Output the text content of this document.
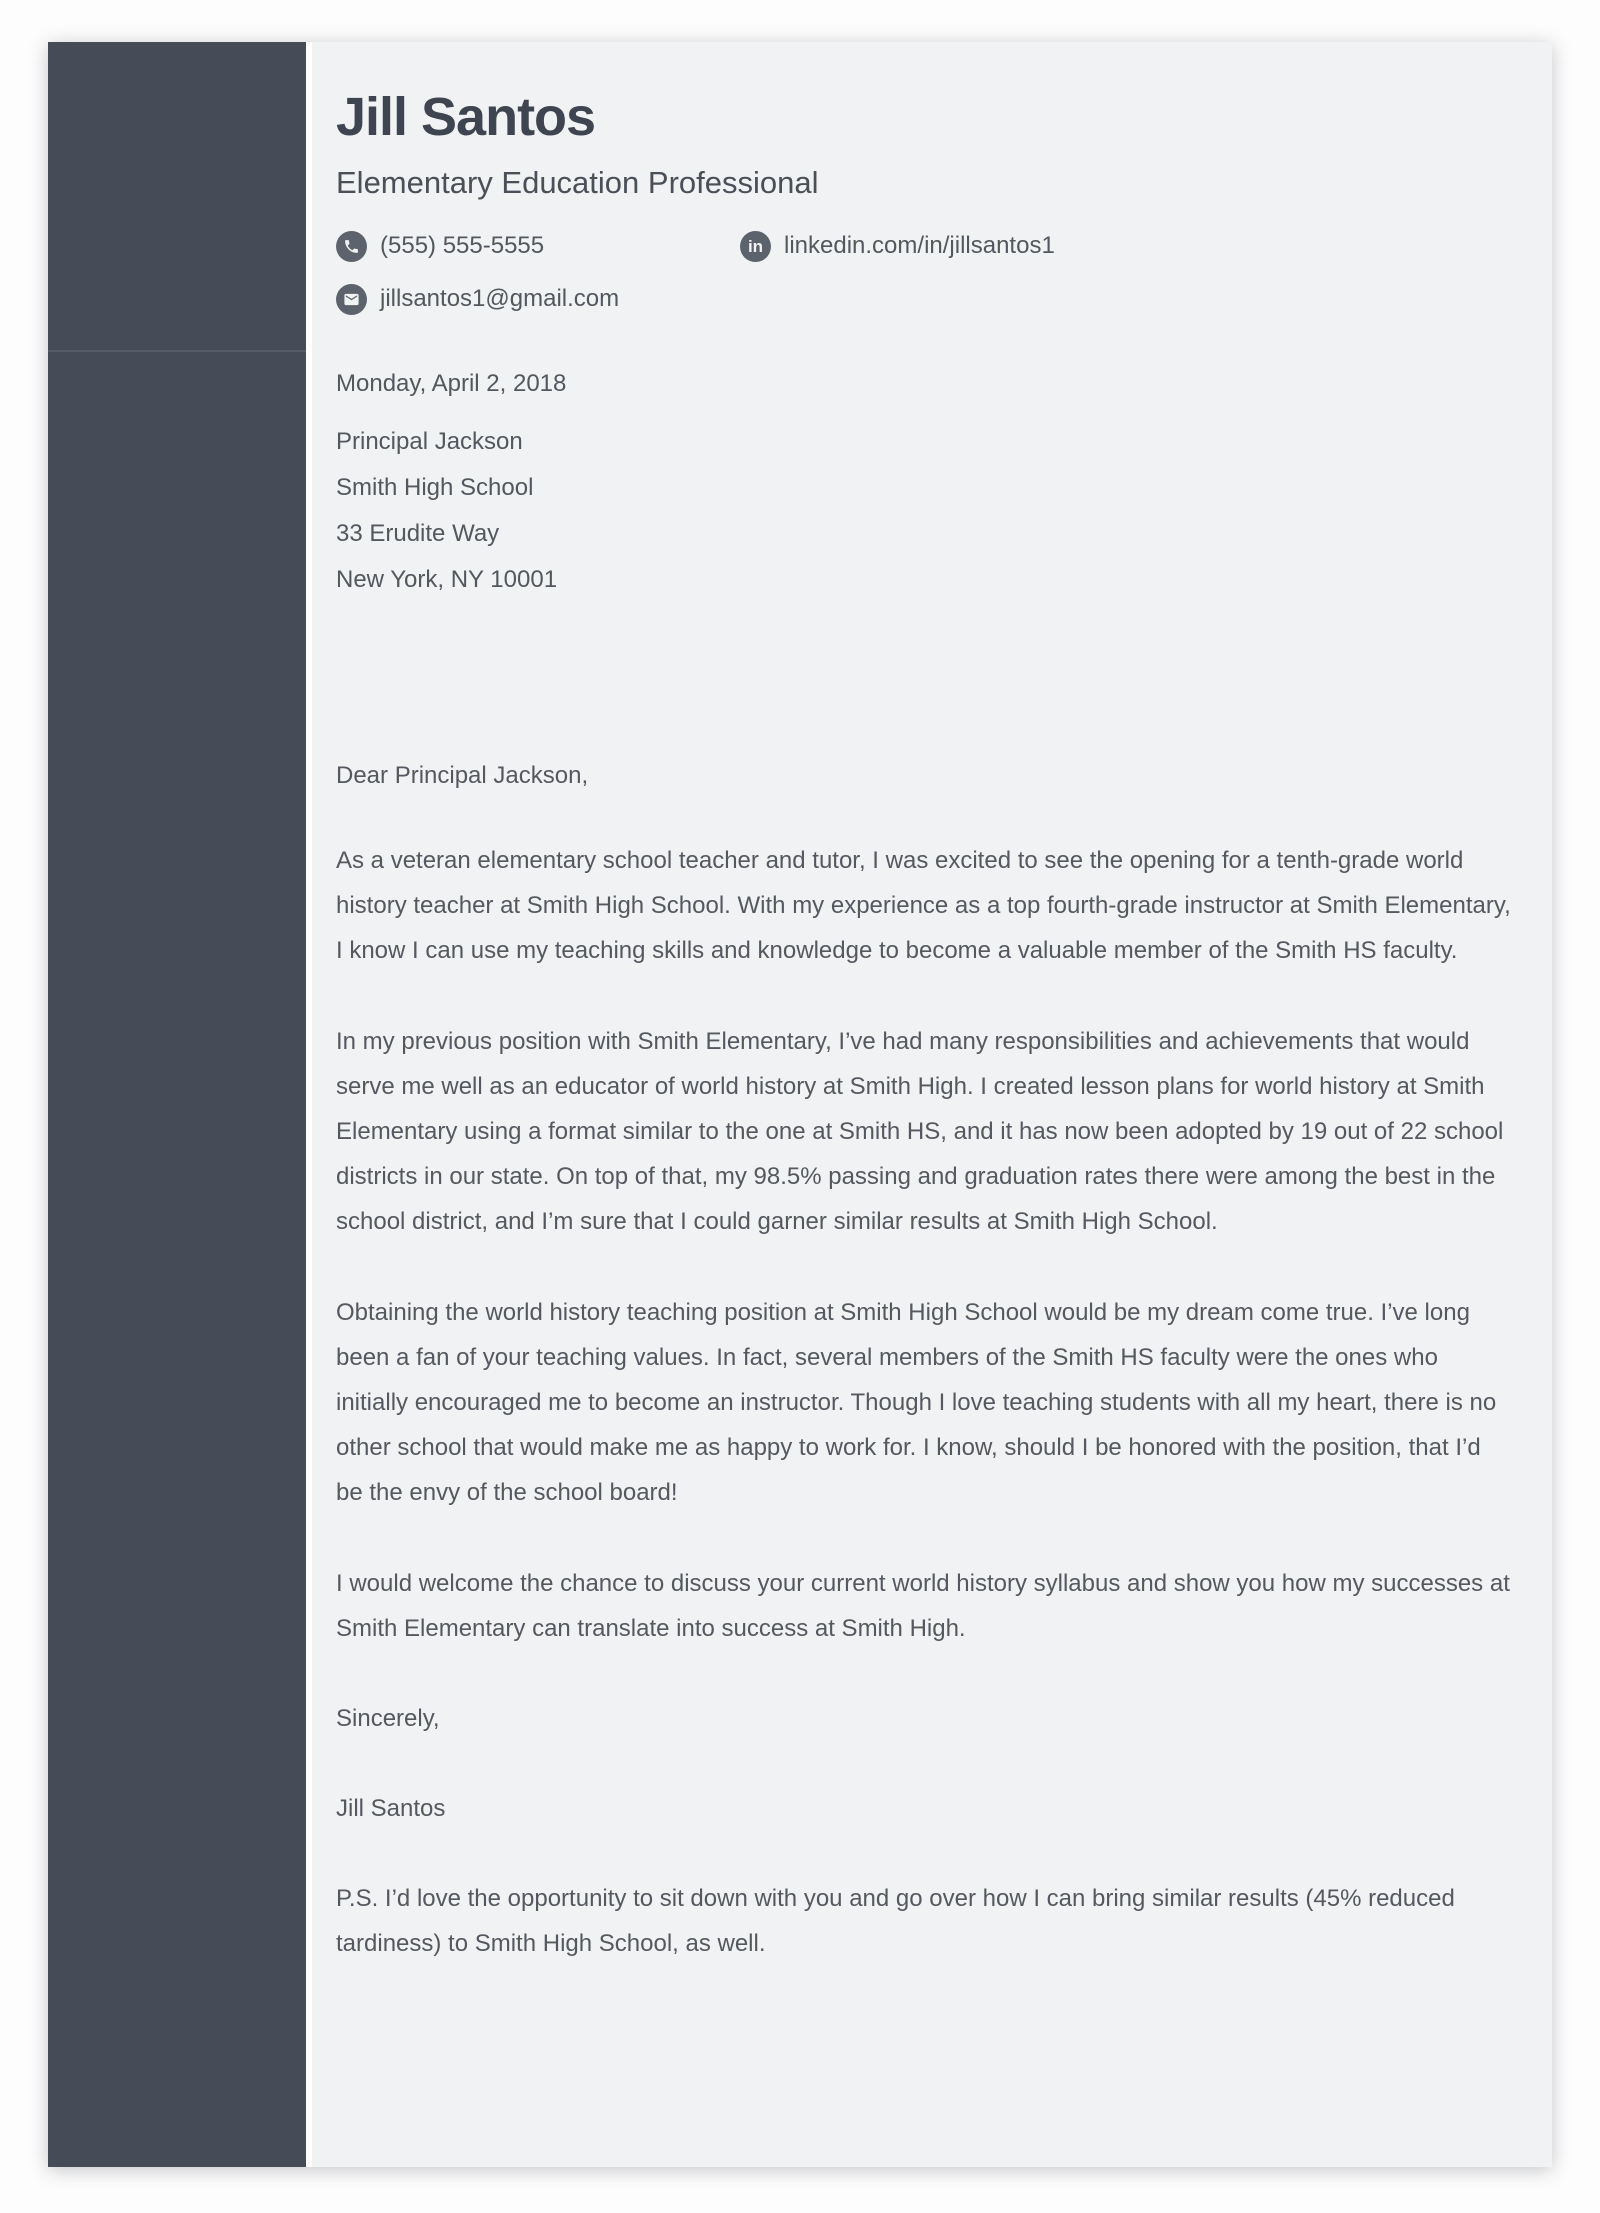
Jill Santos
Elementary Education Professional
(555) 555-5555	in linkedin.com/in/jillsantos1
jillsantos1@gmail.com
Monday, April 2, 2018
Principal Jackson
Smith High School
33 Erudite Way
New York, NY 10001

Dear Principal Jackson,

As a veteran elementary school teacher and tutor, I was excited to see the opening for a tenth-grade world history teacher at Smith High School. With my experience as a top fourth-grade instructor at Smith Elementary, I know I can use my teaching skills and knowledge to become a valuable member of the Smith HS faculty.

In my previous position with Smith Elementary, I’ve had many responsibilities and achievements that would serve me well as an educator of world history at Smith High. I created lesson plans for world history at Smith Elementary using a format similar to the one at Smith HS, and it has now been adopted by 19 out of 22 school districts in our state. On top of that, my 98.5% passing and graduation rates there were among the best in the school district, and I’m sure that I could garner similar results at Smith High School.

Obtaining the world history teaching position at Smith High School would be my dream come true. I’ve long been a fan of your teaching values. In fact, several members of the Smith HS faculty were the ones who initially encouraged me to become an instructor. Though I love teaching students with all my heart, there is no other school that would make me as happy to work for. I know, should I be honored with the position, that I’d be the envy of the school board!

I would welcome the chance to discuss your current world history syllabus and show you how my successes at Smith Elementary can translate into success at Smith High.

Sincerely,

Jill Santos

P.S. I’d love the opportunity to sit down with you and go over how I can bring similar results (45% reduced tardiness) to Smith High School, as well.
